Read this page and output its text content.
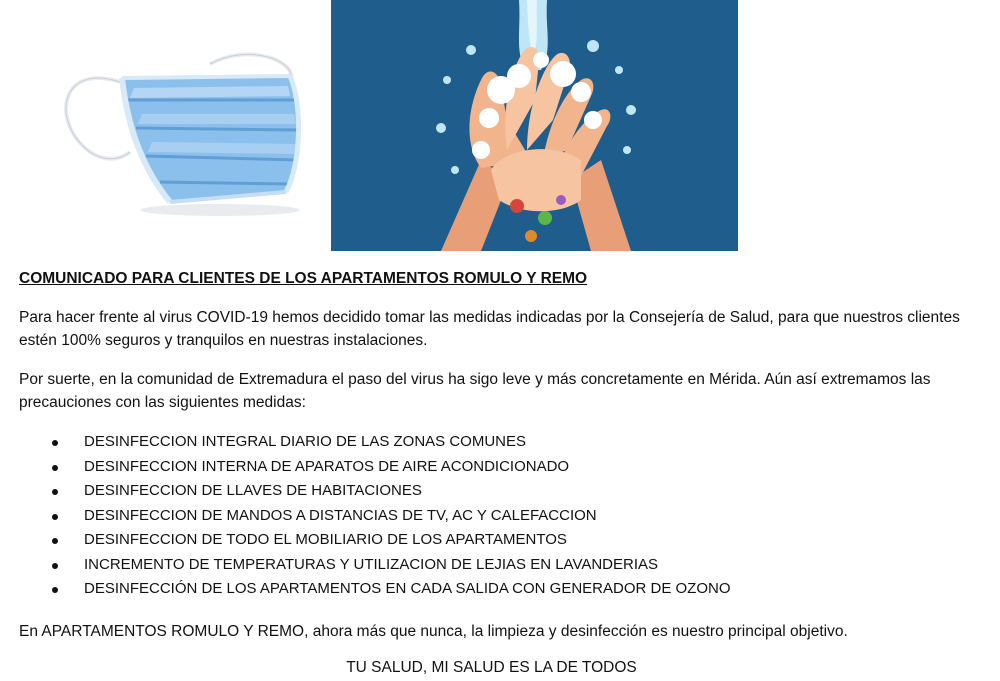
COMUNICADO PARA CLIENTES DE LOS APARTAMENTOS ROMULO Y REMO

Para hacer frente al virus COVID-19 hemos decidido tomar las medidas indicadas por la Consejería de Salud, para que nuestros clientes estén 100% seguros y tranquilos en nuestras instalaciones.

Por suerte, en la comunidad de Extremadura el paso del virus ha sigo leve y más concretamente en Mérida. Aún así extremamos las precauciones con las siguientes medidas:

DESINFECCION INTEGRAL DIARIO DE LAS ZONAS COMUNES
DESINFECCION INTERNA DE APARATOS DE AIRE ACONDICIONADO
DESINFECCION DE LLAVES DE HABITACIONES
DESINFECCION DE MANDOS A DISTANCIAS DE TV, AC Y CALEFACCION
DESINFECCION DE TODO EL MOBILIARIO DE LOS APARTAMENTOS
INCREMENTO DE TEMPERATURAS Y UTILIZACION DE LEJIAS EN LAVANDERIAS
DESINFECCIÓN DE LOS APARTAMENTOS EN CADA SALIDA CON GENERADOR DE OZONO

En APARTAMENTOS ROMULO Y REMO, ahora más que nunca, la limpieza y desinfección es nuestro principal objetivo.

TU SALUD, MI SALUD ES LA DE TODOS
